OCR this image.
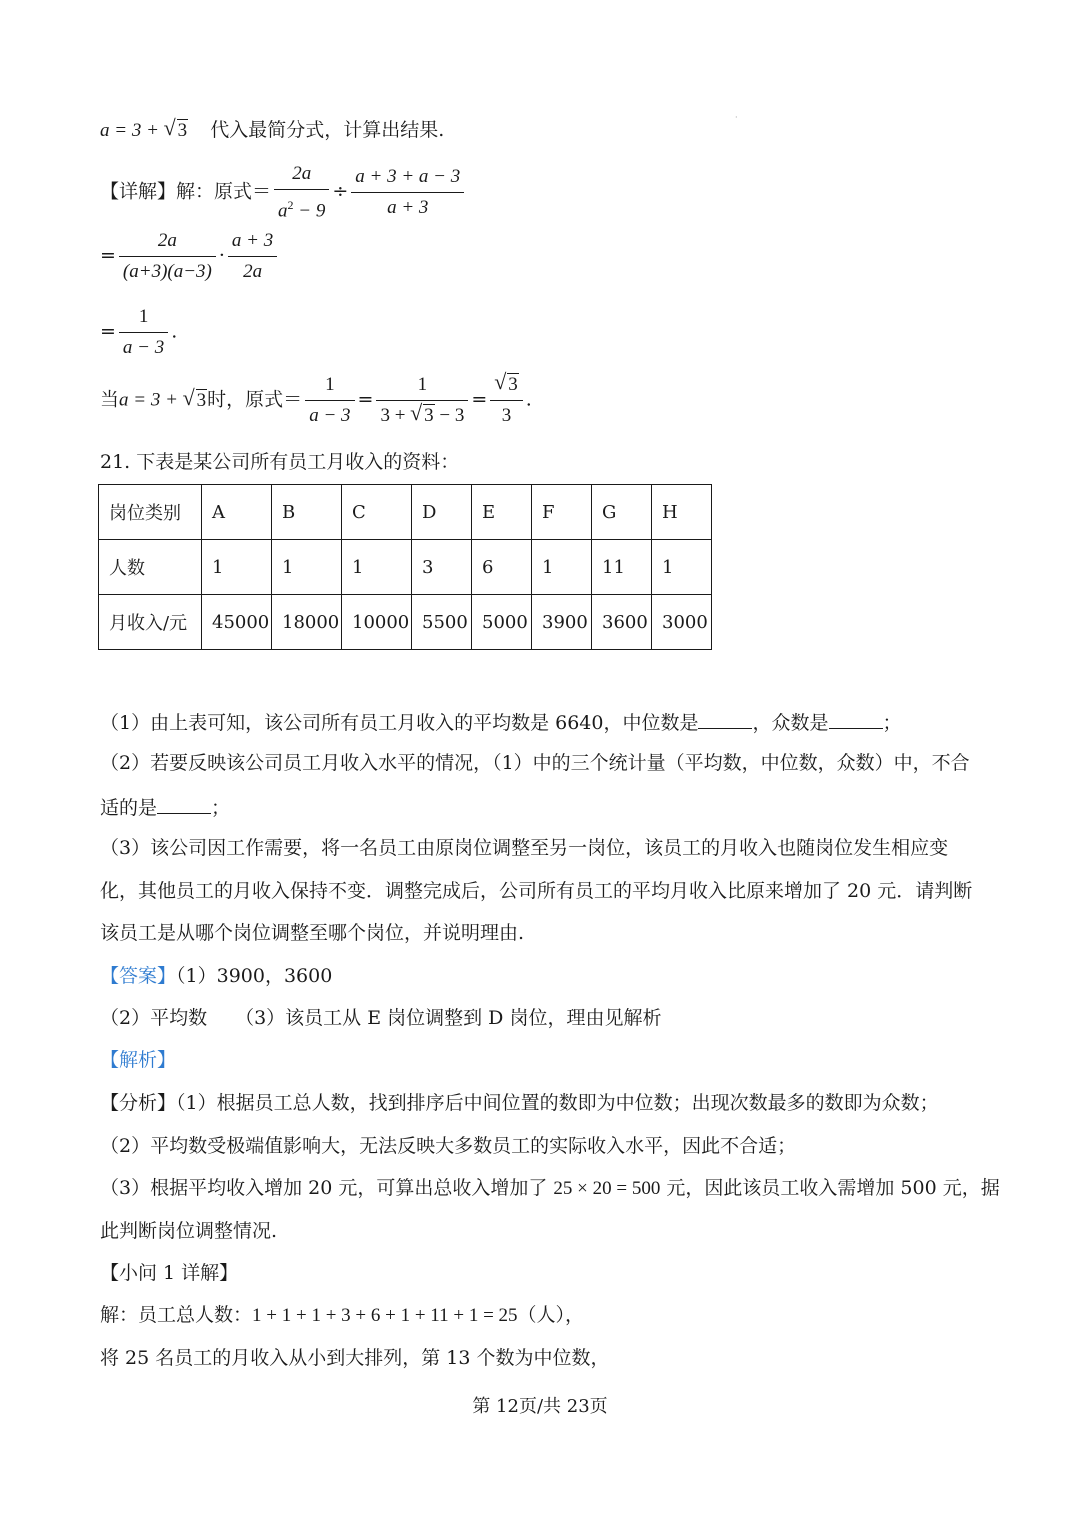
·
a = 3 + √ 3 代入最简分式，计算出结果.
【详解】解：原式＝ $\frac{2a}{a^2 - 9} \div \frac{a + 3 + a - 3}{a + 3}$
= $\frac{2a}{(a+3)(a-3)} \cdot \frac{a + 3}{2a}$
= $\frac{1}{a - 3}$ .
当a = 3 + √ 3时，原式＝ $\frac{1}{a - 3} = \frac{1}{3 + √ 3 - 3} = \frac{√ 3}{3}$ .
21. 下表是某公司所有员工月收入的资料：
岗位类别	A	B	C	D	E	F	G	H
人数	1	1	1	3	6	1	11	1
月收入/元	45000	18000	10000	5500	5000	3900	3600	3000
（1）由上表可知，该公司所有员工月收入的平均数是 6640，中位数是	，众数是	；
（2）若要反映该公司员工月收入水平的情况，（1）中的三个统计量（平均数，中位数，众数）中，不合
适的是	；
（3）该公司因工作需要，将一名员工由原岗位调整至另一岗位，该员工的月收入也随岗位发生相应变
化，其他员工的月收入保持不变．调整完成后，公司所有员工的平均月收入比原来增加了 20 元．请判断
该员工是从哪个岗位调整至哪个岗位，并说明理由.
【答案】（1）3900，3600
（2）平均数 （3）该员工从 E 岗位调整到 D 岗位，理由见解析
【解析】
【分析】（1）根据员工总人数，找到排序后中间位置的数即为中位数；出现次数最多的数即为众数；
（2）平均数受极端值影响大，无法反映大多数员工的实际收入水平，因此不合适；
（3）根据平均收入增加 20 元，可算出总收入增加了 25 × 20 = 500 元，因此该员工收入需增加 500 元，据
此判断岗位调整情况.
【小问 1 详解】
解：员工总人数：1 + 1 + 1 + 3 + 6 + 1 + 11 + 1 = 25（人），
将 25 名员工的月收入从小到大排列，第 13 个数为中位数，
第 12页/共 23页
